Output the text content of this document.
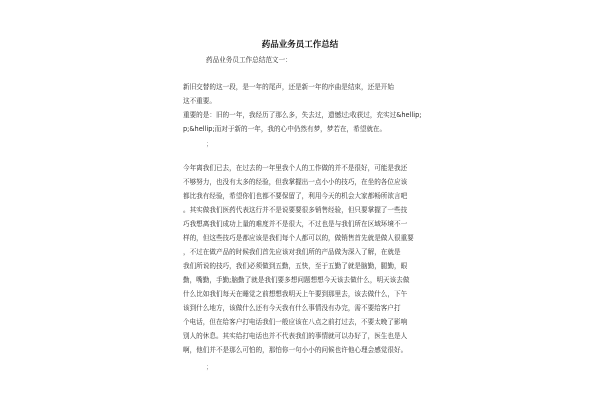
药品业务员工作总结
药品业务员工作总结范文一：
新旧交替的这一段，是一年的尾声，还是新一年的序曲是结束，还是开始
这不重要。
重要的是：旧的一年，我经历了那么多，失去过，遗憾过;收获过，充实过&hellip;
p;&hellip;而对于新的一年，我的心中仍然有梦，梦若在，希望就在。
；
今年离我们已去，在过去的一年里我个人的工作做的并不是很好，可能是我还
不够努力，也没有太多的经验，但我掌握出一点小小的技巧，在坐的各位应该
都比我有经验，希望你们也都不要保留了，利用今天的机会大家都畅所欲言吧
。其实做我们医药代表这行并不是说要要很多销售经验，但只要掌握了一些技
巧我想离我们成功上量的难度并不是很大，不过也是与我们所在区域环境不一
样的，但这些技巧是都应该是我们每个人都可以的，做销售首先就是做人很重要
，不过在做产品的时候我们首先应该对我们所的产品做为深入了解，在就是
我们所说的技巧，我们必须做到五勤，五快，至于五勤了就是脑勤，腿勤，眼
勤，嘴勤，手勤;脑勤了就是我们要多想问题想想今天该去做什么，明天该去做
什么比如我们每天在睡觉之前想想我明天上午要到那里去，该去做什么，下午
该到什么地方，该做什么还有今天我有什么事情没有办完，需不要给客户打
个电话，但在给客户打电话我们一般应该在八点之前打过去，不要太晚了影响
别人的休息。其实给打电话也并不代表我们的事情就可以办好了，医生也是人
啊，他们并不是那么可怕的，那怕你一句小小的问候也许他心理会感觉很好。
；
